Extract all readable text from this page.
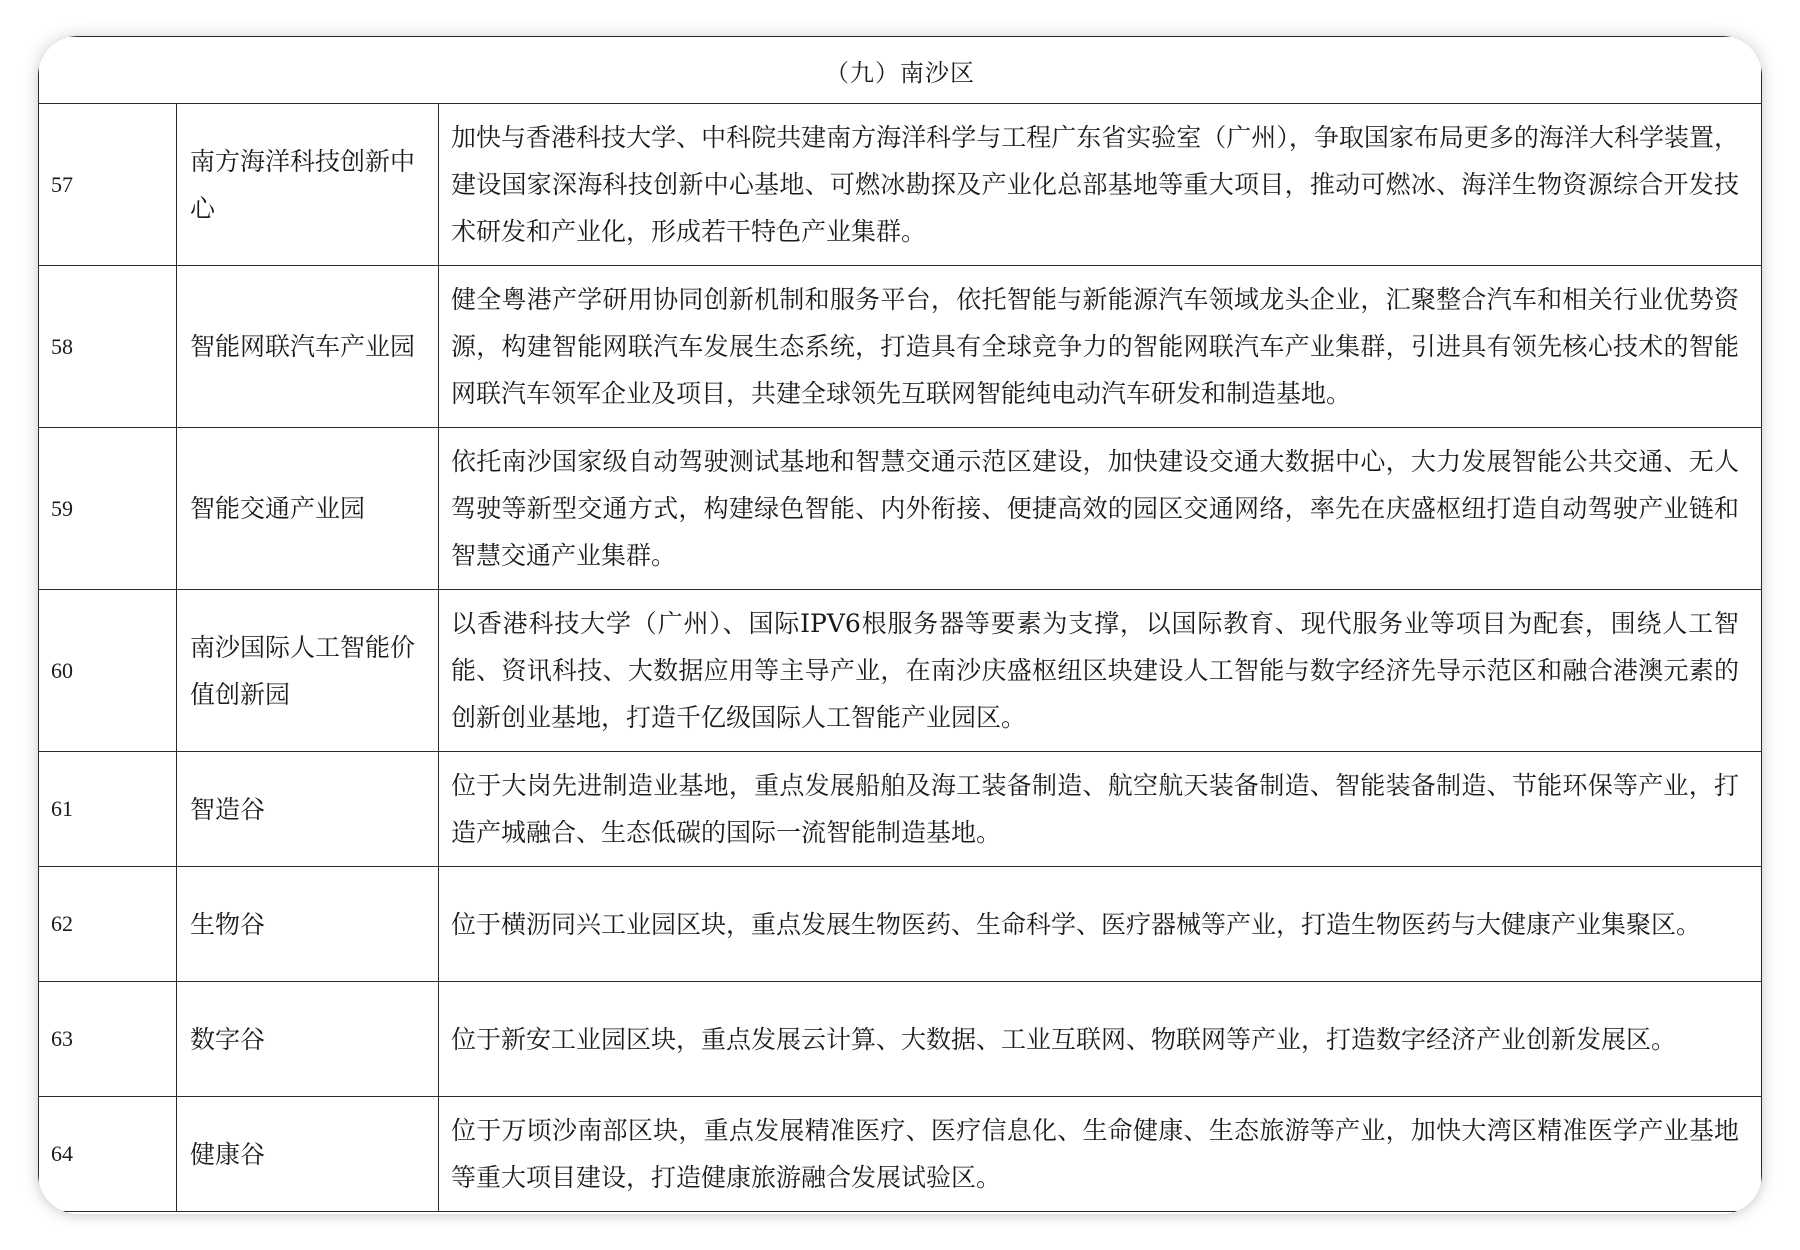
（九）南沙区		
57	南方海洋科技创新中心	加快与香港科技大学、中科院共建南方海洋科学与工程广东省实验室（广州），争取国家布局更多的海洋大科学装置，建设国家深海科技创新中心基地、可燃冰勘探及产业化总部基地等重大项目，推动可燃冰、海洋生物资源综合开发技术研发和产业化，形成若干特色产业集群。
58	智能网联汽车产业园	健全粤港产学研用协同创新机制和服务平台，依托智能与新能源汽车领域龙头企业，汇聚整合汽车和相关行业优势资源，构建智能网联汽车发展生态系统，打造具有全球竞争力的智能网联汽车产业集群，引进具有领先核心技术的智能网联汽车领军企业及项目，共建全球领先互联网智能纯电动汽车研发和制造基地。
59	智能交通产业园	依托南沙国家级自动驾驶测试基地和智慧交通示范区建设，加快建设交通大数据中心，大力发展智能公共交通、无人驾驶等新型交通方式，构建绿色智能、内外衔接、便捷高效的园区交通网络，率先在庆盛枢纽打造自动驾驶产业链和智慧交通产业集群。
60	南沙国际人工智能价值创新园	以香港科技大学（广州）、国际IPV6根服务器等要素为支撑，以国际教育、现代服务业等项目为配套，围绕人工智能、资讯科技、大数据应用等主导产业，在南沙庆盛枢纽区块建设人工智能与数字经济先导示范区和融合港澳元素的创新创业基地，打造千亿级国际人工智能产业园区。
61	智造谷	位于大岗先进制造业基地，重点发展船舶及海工装备制造、航空航天装备制造、智能装备制造、节能环保等产业，打造产城融合、生态低碳的国际一流智能制造基地。
62	生物谷	位于横沥同兴工业园区块，重点发展生物医药、生命科学、医疗器械等产业，打造生物医药与大健康产业集聚区。
63	数字谷	位于新安工业园区块，重点发展云计算、大数据、工业互联网、物联网等产业，打造数字经济产业创新发展区。
64	健康谷	位于万顷沙南部区块，重点发展精准医疗、医疗信息化、生命健康、生态旅游等产业，加快大湾区精准医学产业基地等重大项目建设，打造健康旅游融合发展试验区。
